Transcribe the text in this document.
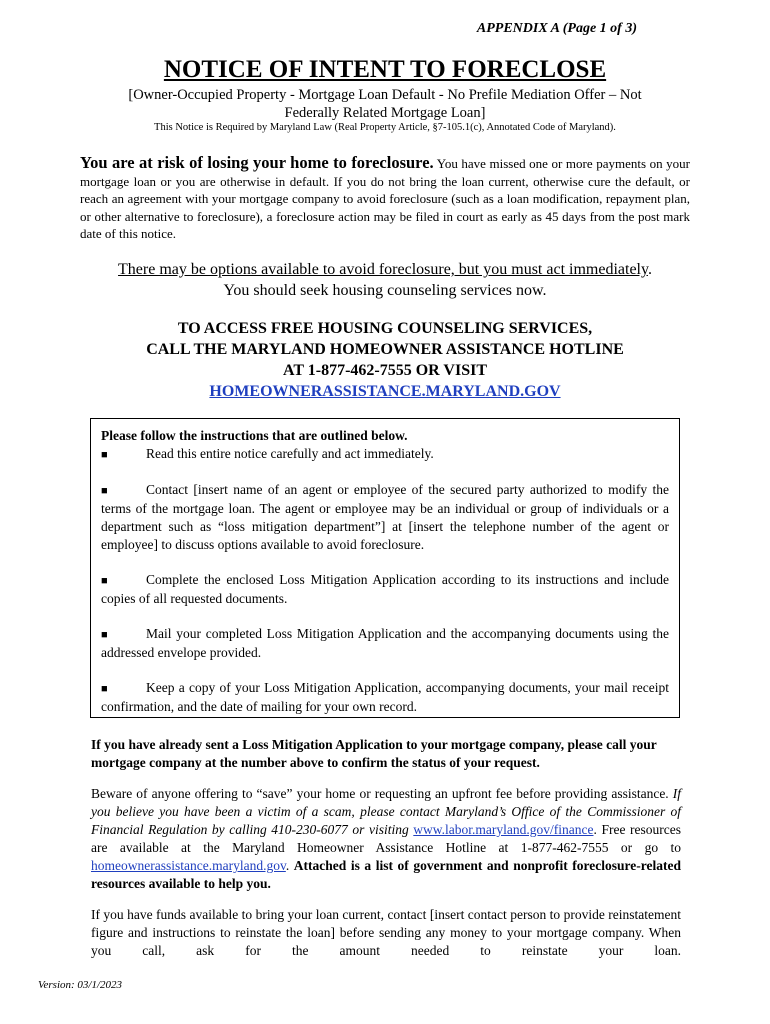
APPENDIX A (Page 1 of 3)
NOTICE OF INTENT TO FORECLOSE
[Owner-Occupied Property - Mortgage Loan Default - No Prefile Mediation Offer – Not Federally Related Mortgage Loan]
This Notice is Required by Maryland Law (Real Property Article, §7-105.1(c), Annotated Code of Maryland).
You are at risk of losing your home to foreclosure. You have missed one or more payments on your mortgage loan or you are otherwise in default. If you do not bring the loan current, otherwise cure the default, or reach an agreement with your mortgage company to avoid foreclosure (such as a loan modification, repayment plan, or other alternative to foreclosure), a foreclosure action may be filed in court as early as 45 days from the post mark date of this notice.
There may be options available to avoid foreclosure, but you must act immediately.
You should seek housing counseling services now.
TO ACCESS FREE HOUSING COUNSELING SERVICES,
CALL THE MARYLAND HOMEOWNER ASSISTANCE HOTLINE
AT 1-877-462-7555 OR VISIT
HOMEOWNERASSISTANCE.MARYLAND.GOV
Please follow the instructions that are outlined below.
■	Read this entire notice carefully and act immediately.
■	Contact [insert name of an agent or employee of the secured party authorized to modify the terms of the mortgage loan. The agent or employee may be an individual or group of individuals or a department such as “loss mitigation department”] at [insert the telephone number of the agent or employee] to discuss options available to avoid foreclosure.
■	Complete the enclosed Loss Mitigation Application according to its instructions and include copies of all requested documents.
■	Mail your completed Loss Mitigation Application and the accompanying documents using the addressed envelope provided.
■	Keep a copy of your Loss Mitigation Application, accompanying documents, your mail receipt confirmation, and the date of mailing for your own record.
If you have already sent a Loss Mitigation Application to your mortgage company, please call your mortgage company at the number above to confirm the status of your request.
Beware of anyone offering to “save” your home or requesting an upfront fee before providing assistance. If you believe you have been a victim of a scam, please contact Maryland’s Office of the Commissioner of Financial Regulation by calling 410-230-6077 or visiting www.labor.maryland.gov/finance. Free resources are available at the Maryland Homeowner Assistance Hotline at 1-877-462-7555 or go to homeownerassistance.maryland.gov. Attached is a list of government and nonprofit foreclosure-related resources available to help you.
If you have funds available to bring your loan current, contact [insert contact person to provide reinstatement figure and instructions to reinstate the loan] before sending any money to your mortgage company. When you call, ask for the amount needed to reinstate your loan.
Version: 03/1/2023
